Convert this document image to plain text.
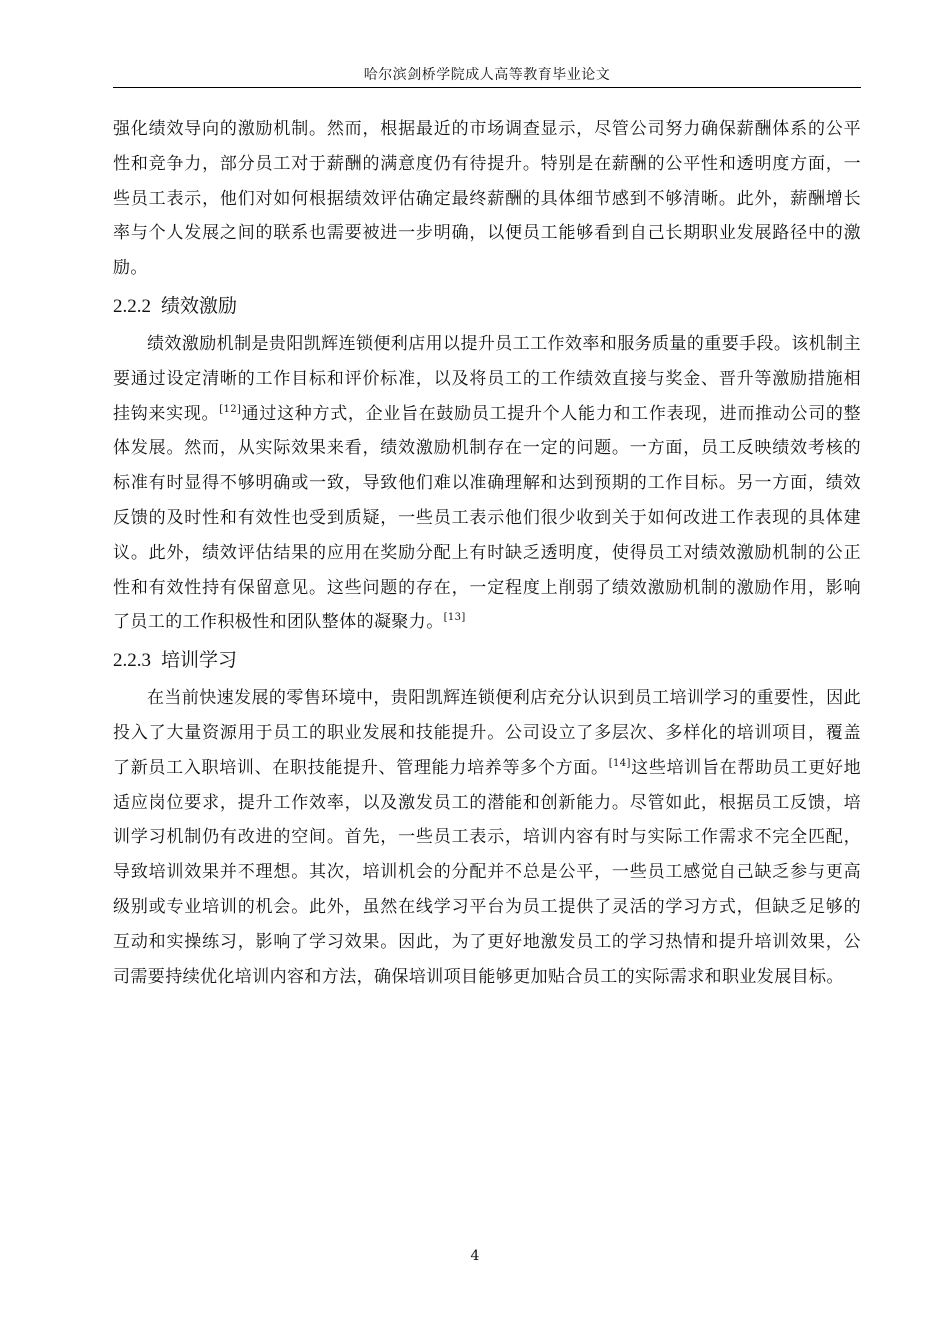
哈尔滨剑桥学院成人高等教育毕业论文

强化绩效导向的激励机制。然而，根据最近的市场调查显示，尽管公司努力确保薪酬体系的公平性和竞争力，部分员工对于薪酬的满意度仍有待提升。特别是在薪酬的公平性和透明度方面，一些员工表示，他们对如何根据绩效评估确定最终薪酬的具体细节感到不够清晰。此外，薪酬增长率与个人发展之间的联系也需要被进一步明确，以便员工能够看到自己长期职业发展路径中的激励。

2.2.2 绩效激励

绩效激励机制是贵阳凯辉连锁便利店用以提升员工工作效率和服务质量的重要手段。该机制主要通过设定清晰的工作目标和评价标准，以及将员工的工作绩效直接与奖金、晋升等激励措施相挂钩来实现。[12]通过这种方式，企业旨在鼓励员工提升个人能力和工作表现，进而推动公司的整体发展。然而，从实际效果来看，绩效激励机制存在一定的问题。一方面，员工反映绩效考核的标准有时显得不够明确或一致，导致他们难以准确理解和达到预期的工作目标。另一方面，绩效反馈的及时性和有效性也受到质疑，一些员工表示他们很少收到关于如何改进工作表现的具体建议。此外，绩效评估结果的应用在奖励分配上有时缺乏透明度，使得员工对绩效激励机制的公正性和有效性持有保留意见。这些问题的存在，一定程度上削弱了绩效激励机制的激励作用，影响了员工的工作积极性和团队整体的凝聚力。[13]

2.2.3 培训学习

在当前快速发展的零售环境中，贵阳凯辉连锁便利店充分认识到员工培训学习的重要性，因此投入了大量资源用于员工的职业发展和技能提升。公司设立了多层次、多样化的培训项目，覆盖了新员工入职培训、在职技能提升、管理能力培养等多个方面。[14]这些培训旨在帮助员工更好地适应岗位要求，提升工作效率，以及激发员工的潜能和创新能力。尽管如此，根据员工反馈，培训学习机制仍有改进的空间。首先，一些员工表示，培训内容有时与实际工作需求不完全匹配，导致培训效果并不理想。其次，培训机会的分配并不总是公平，一些员工感觉自己缺乏参与更高级别或专业培训的机会。此外，虽然在线学习平台为员工提供了灵活的学习方式，但缺乏足够的互动和实操练习，影响了学习效果。因此，为了更好地激发员工的学习热情和提升培训效果，公司需要持续优化培训内容和方法，确保培训项目能够更加贴合员工的实际需求和职业发展目标。

4
